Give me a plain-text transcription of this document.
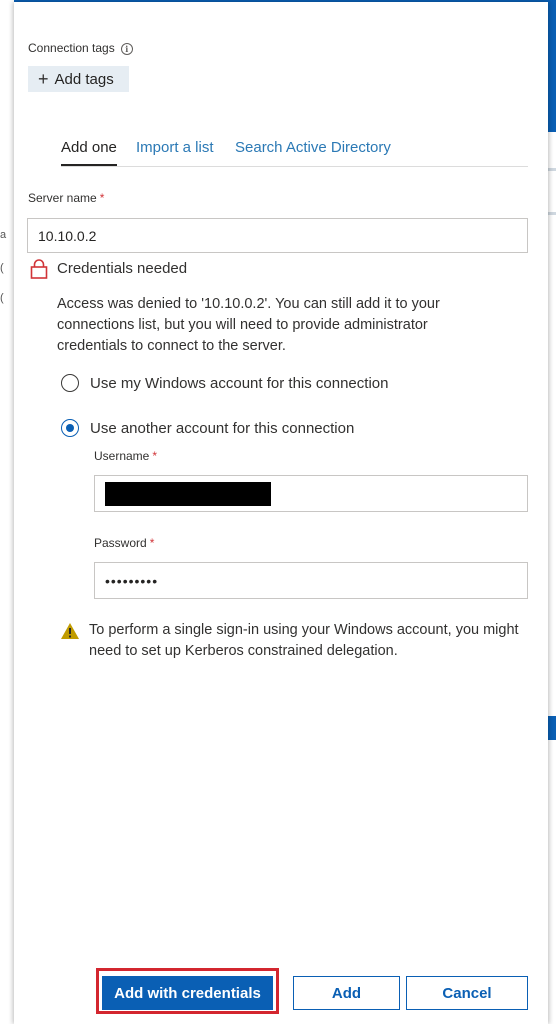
a
(
(
Connection tags i
+ Add tags
Add one Import a list Search Active Directory
Server name *
10.10.0.2
Credentials needed
Access was denied to '10.10.0.2'. You can still add it to your connections list, but you will need to provide administrator credentials to connect to the server.
Use my Windows account for this connection
Use another account for this connection
Username *
Password *
•••••••••
To perform a single sign-in using your Windows account, you might need to set up Kerberos constrained delegation.
Add with credentials	Add	Cancel
